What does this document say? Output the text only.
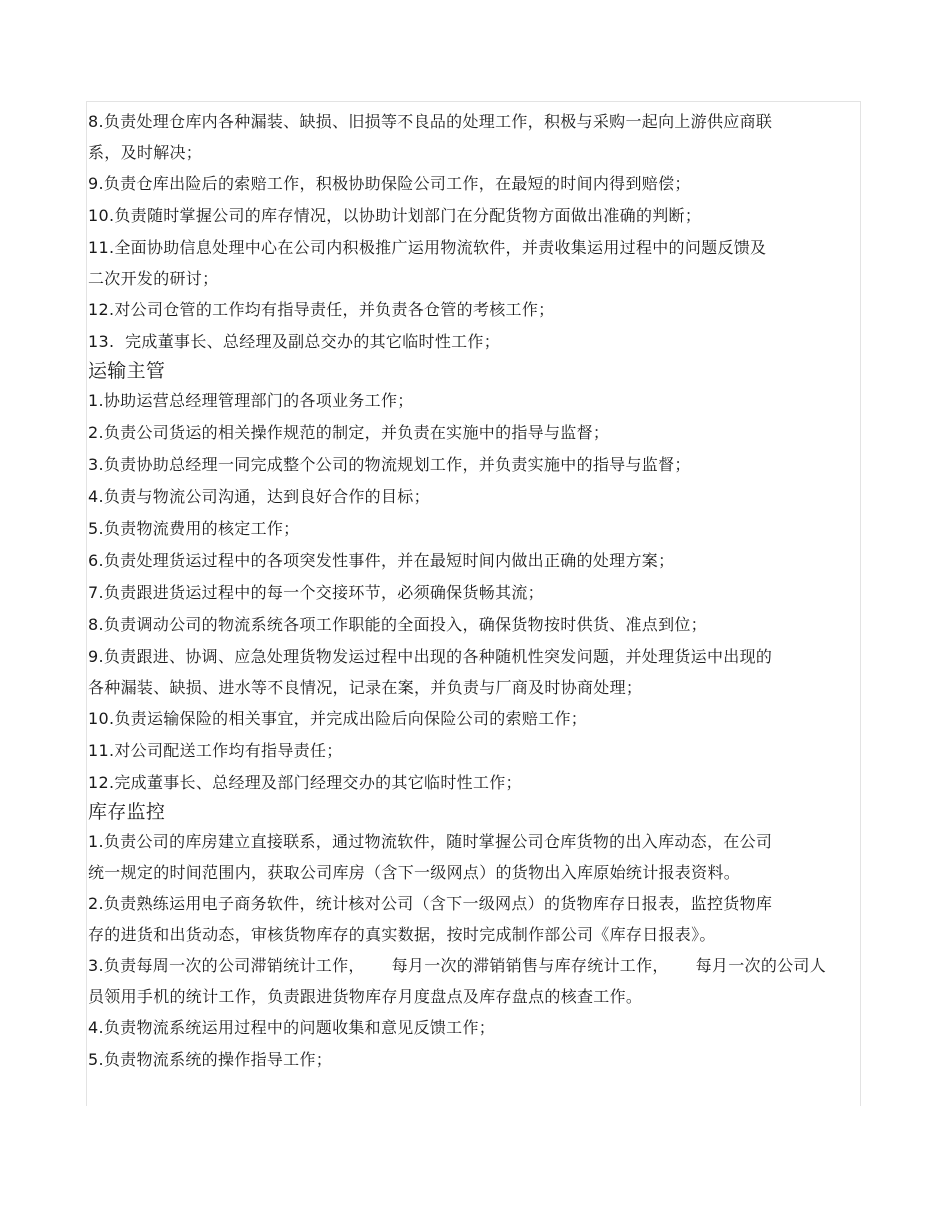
8.负责处理仓库内各种漏装、缺损、旧损等不良品的处理工作，积极与采购一起向上游供应商联
系，及时解决；
9.负责仓库出险后的索赔工作，积极协助保险公司工作，在最短的时间内得到赔偿；
10.负责随时掌握公司的库存情况，以协助计划部门在分配货物方面做出准确的判断；
11.全面协助信息处理中心在公司内积极推广运用物流软件，并责收集运用过程中的问题反馈及
二次开发的研讨；
12.对公司仓管的工作均有指导责任，并负责各仓管的考核工作；
13.  完成董事长、总经理及副总交办的其它临时性工作；
运输主管
1.协助运营总经理管理部门的各项业务工作；
2.负责公司货运的相关操作规范的制定，并负责在实施中的指导与监督；
3.负责协助总经理一同完成整个公司的物流规划工作，并负责实施中的指导与监督；
4.负责与物流公司沟通，达到良好合作的目标；
5.负责物流费用的核定工作；
6.负责处理货运过程中的各项突发性事件，并在最短时间内做出正确的处理方案；
7.负责跟进货运过程中的每一个交接环节，必须确保货畅其流；
8.负责调动公司的物流系统各项工作职能的全面投入，确保货物按时供货、准点到位；
9.负责跟进、协调、应急处理货物发运过程中出现的各种随机性突发问题，并处理货运中出现的
各种漏装、缺损、进水等不良情况，记录在案，并负责与厂商及时协商处理；
10.负责运输保险的相关事宜，并完成出险后向保险公司的索赔工作；
11.对公司配送工作均有指导责任；
12.完成董事长、总经理及部门经理交办的其它临时性工作；
库存监控
1.负责公司的库房建立直接联系，通过物流软件，随时掌握公司仓库货物的出入库动态，在公司
统一规定的时间范围内，获取公司库房（含下一级网点）的货物出入库原始统计报表资料。
2.负责熟练运用电子商务软件，统计核对公司（含下一级网点）的货物库存日报表，监控货物库
存的进货和出货动态，审核货物库存的真实数据，按时完成制作部公司《库存日报表》。
3.负责每周一次的公司滞销统计工作，     每月一次的滞销销售与库存统计工作，     每月一次的公司人
员领用手机的统计工作，负责跟进货物库存月度盘点及库存盘点的核查工作。
4.负责物流系统运用过程中的问题收集和意见反馈工作；
5.负责物流系统的操作指导工作；
